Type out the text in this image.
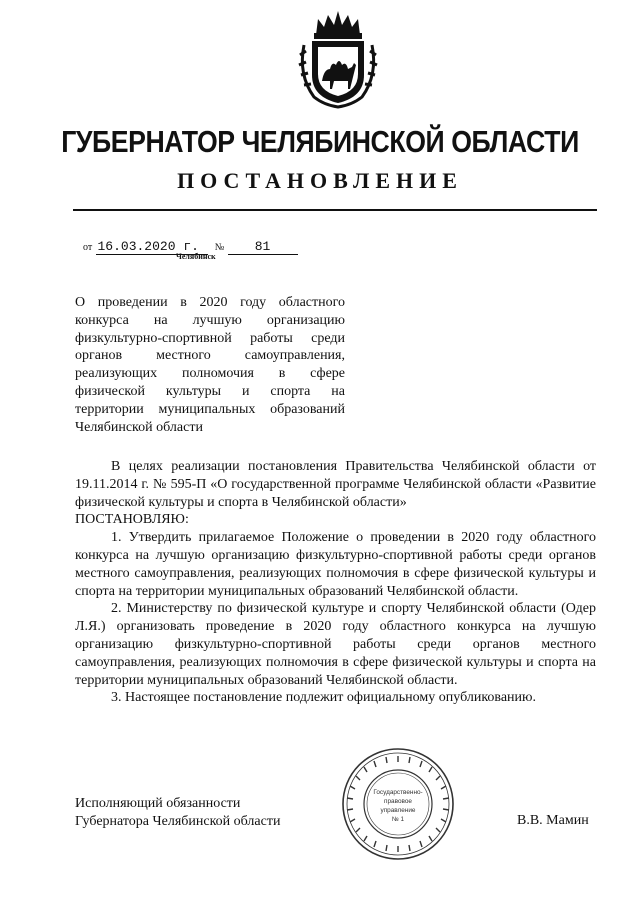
ГУБЕРНАТОР ЧЕЛЯБИНСКОЙ ОБЛАСТИ
ПОСТАНОВЛЕНИЕ
от 16.03.2020 г. № 81
Челябинск
О проведении в 2020 году областного конкурса на лучшую организацию физкультурно-спортивной работы среди органов местного самоуправления, реализующих полномочия в сфере физической культуры и спорта на территории муниципальных образований Челябинской области

В целях реализации постановления Правительства Челябинской области от 19.11.2014 г. № 595-П «О государственной программе Челябинской области «Развитие физической культуры и спорта в Челябинской области»

ПОСТАНОВЛЯЮ:

1. Утвердить прилагаемое Положение о проведении в 2020 году областного конкурса на лучшую организацию физкультурно-спортивной работы среди органов местного самоуправления, реализующих полномочия в сфере физической культуры и спорта на территории муниципальных образований Челябинской области.

2. Министерству по физической культуре и спорту Челябинской области (Одер Л.Я.) организовать проведение в 2020 году областного конкурса на лучшую организацию физкультурно-спортивной работы среди органов местного самоуправления, реализующих полномочия в сфере физической культуры и спорта на территории муниципальных образований Челябинской области.

3. Настоящее постановление подлежит официальному опубликованию.

Государственно-
правовое
управление
№ 1
Исполняющий обязанности
Губернатора Челябинской области	В.В. Мамин
